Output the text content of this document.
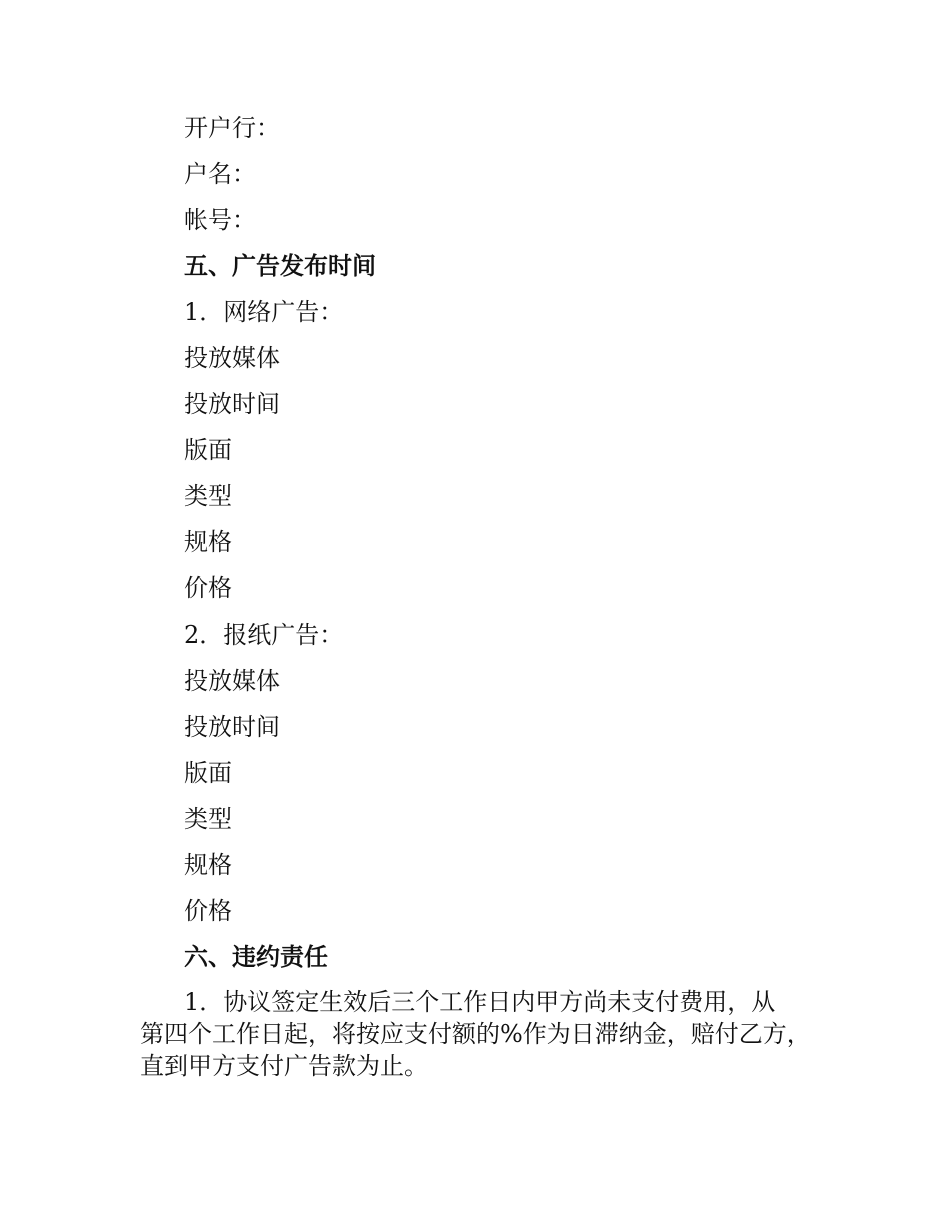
开户行：
户名：
帐号：
五、广告发布时间
1．网络广告：
投放媒体
投放时间
版面
类型
规格
价格
2．报纸广告：
投放媒体
投放时间
版面
类型
规格
价格
六、违约责任
1．协议签定生效后三个工作日内甲方尚未支付费用，从
第四个工作日起，将按应支付额的%作为日滞纳金，赔付乙方，
直到甲方支付广告款为止。
